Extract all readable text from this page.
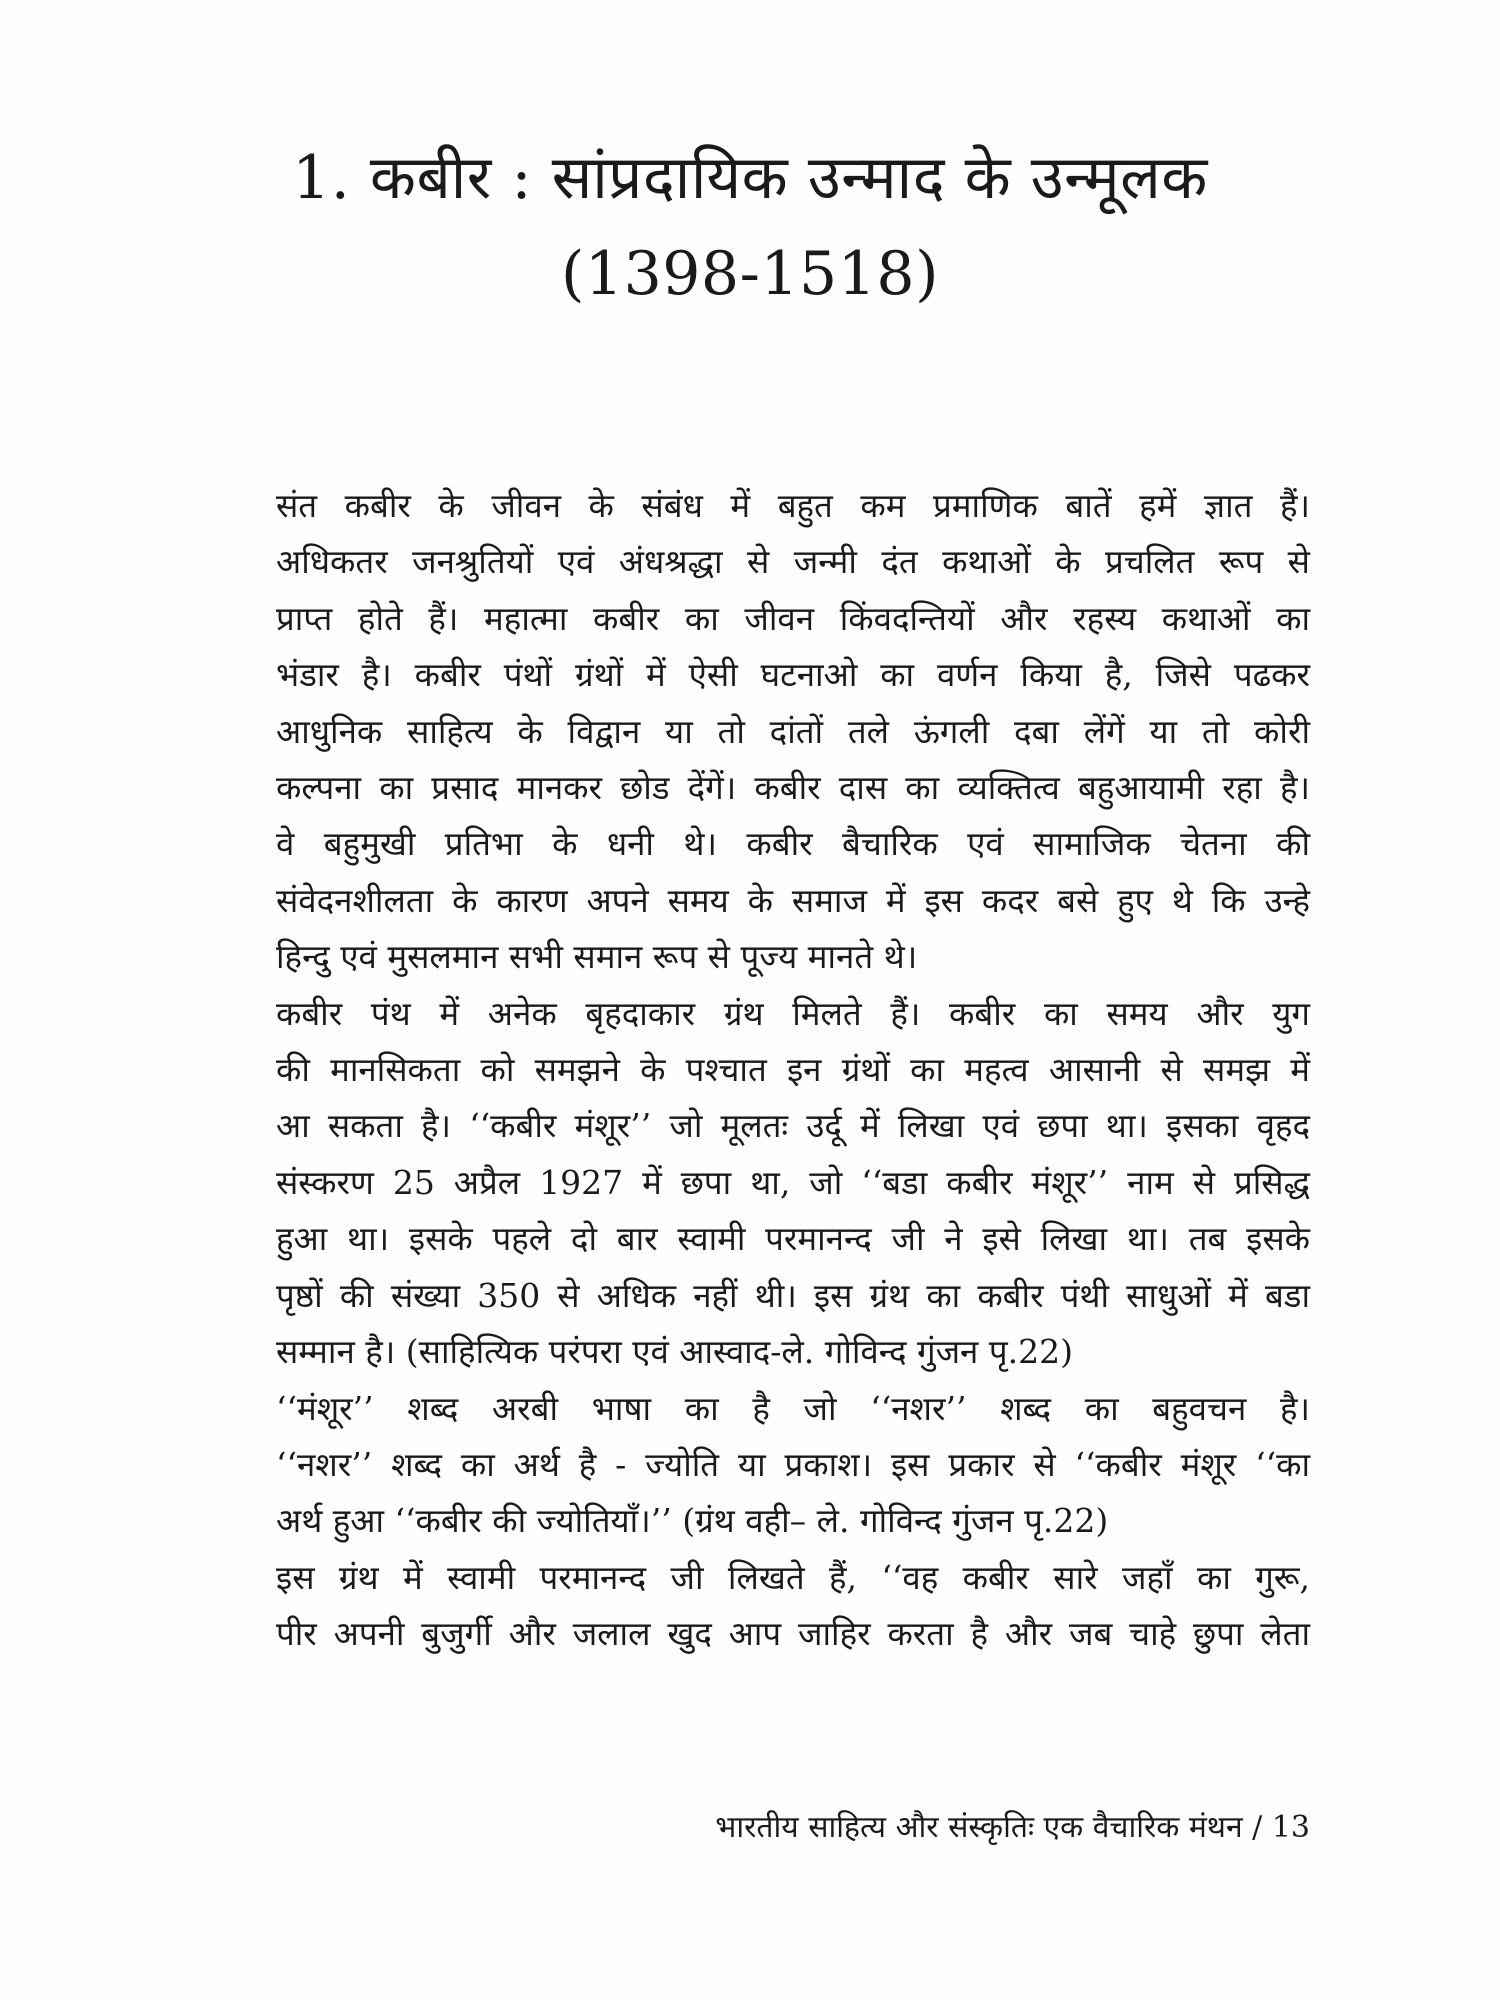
1. कबीर : सांप्रदायिक उन्माद के उन्मूलक
(1398-1518)

संत कबीर के जीवन के संबंध में बहुत कम प्रमाणिक बातें हमें ज्ञात हैं।
अधिकतर जनश्रुतियों एवं अंधश्रद्धा से जन्मी दंत कथाओं के प्रचलित रूप से
प्राप्त होते हैं। महात्मा कबीर का जीवन किंवदन्तियों और रहस्य कथाओं का
भंडार है। कबीर पंथों ग्रंथों में ऐसी घटनाओ का वर्णन किया है, जिसे पढकर
आधुनिक साहित्य के विद्वान या तो दांतों तले ऊंगली दबा लेंगें या तो कोरी
कल्पना का प्रसाद मानकर छोड देंगें। कबीर दास का व्यक्तित्व बहुआयामी रहा है।
वे बहुमुखी प्रतिभा के धनी थे। कबीर बैचारिक एवं सामाजिक चेतना की
संवेदनशीलता के कारण अपने समय के समाज में इस कदर बसे हुए थे कि उन्हे
हिन्दु एवं मुसलमान सभी समान रूप से पूज्य मानते थे।

कबीर पंथ में अनेक बृहदाकार ग्रंथ मिलते हैं। कबीर का समय और युग
की मानसिकता को समझने के पश्चात इन ग्रंथों का महत्व आसानी से समझ में
आ सकता है। ‘‘कबीर मंशूर’’ जो मूलतः उर्दू में लिखा एवं छपा था। इसका वृहद
संस्करण 25 अप्रैल 1927 में छपा था, जो ‘‘बडा कबीर मंशूर’’ नाम से प्रसिद्ध
हुआ था। इसके पहले दो बार स्वामी परमानन्द जी ने इसे लिखा था। तब इसके
पृष्ठों की संख्या 350 से अधिक नहीं थी। इस ग्रंथ का कबीर पंथी साधुओं में बडा
सम्मान है। (साहित्यिक परंपरा एवं आस्वाद-ले. गोविन्द गुंजन पृ.22)

‘‘मंशूर’’ शब्द अरबी भाषा का है जो ‘‘नशर’’ शब्द का बहुवचन है।
‘‘नशर’’ शब्द का अर्थ है - ज्योति या प्रकाश। इस प्रकार से ‘‘कबीर मंशूर ‘‘का
अर्थ हुआ ‘‘कबीर की ज्योतियाँ।’’ (ग्रंथ वही– ले. गोविन्द गुंजन पृ.22)

इस ग्रंथ में स्वामी परमानन्द जी लिखते हैं, ‘‘वह कबीर सारे जहाँ का गुरू,
पीर अपनी बुजुर्गी और जलाल खुद आप जाहिर करता है और जब चाहे छुपा लेता

भारतीय साहित्य और संस्कृतिः एक वैचारिक मंथन / 13
